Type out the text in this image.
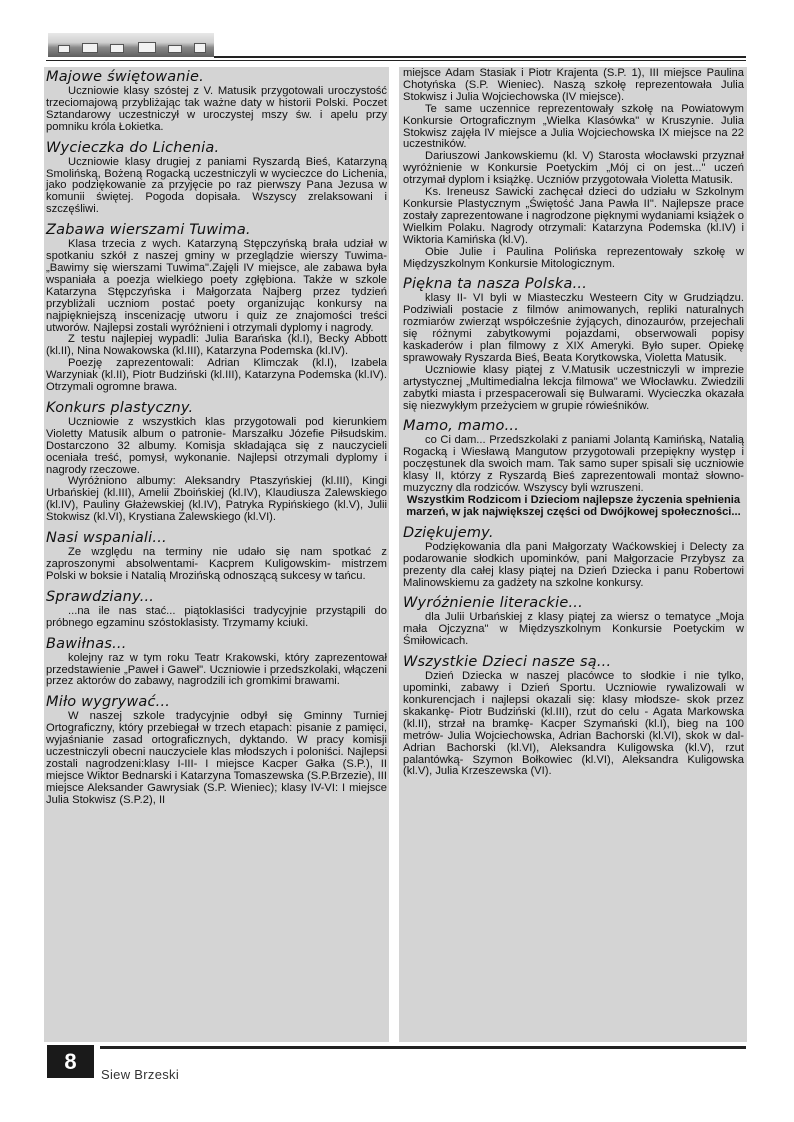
Majowe świętowanie.

Uczniowie klasy szóstej z V. Matusik przygotowali uroczystość trzeciomajową przybliżając tak ważne daty w historii Polski. Poczet Sztandarowy uczestniczył w uroczystej mszy św. i apelu przy pomniku króla Łokietka.

Wycieczka do Lichenia.

Uczniowie klasy drugiej z paniami Ryszardą Bieś, Katarzyną Smolińską, Bożeną Rogacką uczestniczyli w wycieczce do Lichenia, jako podziękowanie za przyjęcie po raz pierwszy Pana Jezusa w komunii świętej. Pogoda dopisała. Wszyscy zrelaksowani i szczęśliwi.

Zabawa wierszami Tuwima.

Klasa trzecia z wych. Katarzyną Stępczyńską brała udział w spotkaniu szkół z naszej gminy w przeglądzie wierszy Tuwima- „Bawimy się wierszami Tuwima".Zajęli IV miejsce, ale zabawa była wspaniała a poezja wielkiego poety zgłębiona. Także w szkole Katarzyna Stępczyńska i Małgorzata Najberg przez tydzień przybliżali uczniom postać poety organizując konkursy na najpiękniejszą inscenizację utworu i quiz ze znajomości treści utworów. Najlepsi zostali wyróżnieni i otrzymali dyplomy i nagrody.

Z testu najlepiej wypadli: Julia Barańska (kl.I), Becky Abbott (kl.II), Nina Nowakowska (kl.III), Katarzyna Podemska (kl.IV).

Poezję zaprezentowali: Adrian Klimczak (kl.I), Izabela Warzyniak (kl.II), Piotr Budziński (kl.III), Katarzyna Podemska (kl.IV). Otrzymali ogromne brawa.

Konkurs plastyczny.

Uczniowie z wszystkich klas przygotowali pod kierunkiem Violetty Matusik album o patronie- Marszałku Józefie Piłsudskim. Dostarczono 32 albumy. Komisja składająca się z nauczycieli oceniała treść, pomysł, wykonanie. Najlepsi otrzymali dyplomy i nagrody rzeczowe.

Wyróżniono albumy: Aleksandry Ptaszyńskiej (kl.III), Kingi Urbańskiej (kl.III), Amelii Zboińskiej (kl.IV), Klaudiusza Zalewskiego (kl.IV), Pauliny Głażewskiej (kl.IV), Patryka Rypińskiego (kl.V), Julii Stokwisz (kl.VI), Krystiana Zalewskiego (kl.VI).

Nasi wspaniali...

Ze względu na terminy nie udało się nam spotkać z zaproszonymi absolwentami- Kacprem Kuligowskim- mistrzem Polski w boksie i Natalią Mrozińską odnoszącą sukcesy w tańcu.

Sprawdziany...

...na ile nas stać... piątoklasiści tradycyjnie przystąpili do próbnego egzaminu szóstoklasisty. Trzymamy kciuki.

Bawiłnas...

kolejny raz w tym roku Teatr Krakowski, który zaprezentował przedstawienie „Paweł i Gaweł". Uczniowie i przedszkolaki, włączeni przez aktorów do zabawy, nagrodzili ich gromkimi brawami.

Miło wygrywać...

W naszej szkole tradycyjnie odbył się Gminny Turniej Ortograficzny, który przebiegał w trzech etapach: pisanie z pamięci, wyjaśnianie zasad ortograficznych, dyktando. W pracy komisji uczestniczyli obecni nauczyciele klas młodszych i poloniści. Najlepsi zostali nagrodzeni:klasy I-III- I miejsce Kacper Gałka (S.P.), II miejsce Wiktor Bednarski i Katarzyna Tomaszewska (S.P.Brzezie), III miejsce Aleksander Gawrysiak (S.P. Wieniec); klasy IV-VI: I miejsce Julia Stokwisz (S.P.2), II

miejsce Adam Stasiak i Piotr Krajenta (S.P. 1), III miejsce Paulina Chotyńska (S.P. Wieniec). Naszą szkołę reprezentowała Julia Stokwisz i Julia Wojciechowska (IV miejsce).

Te same uczennice reprezentowały szkołę na Powiatowym Konkursie Ortograficznym „Wielka Klasówka" w Kruszynie. Julia Stokwisz zajęła IV miejsce a Julia Wojciechowska IX miejsce na 22 uczestników.

Dariuszowi Jankowskiemu (kl. V) Starosta włocławski przyznał wyróżnienie w Konkursie Poetyckim „Mój ci on jest..." uczeń otrzymał dyplom i książkę. Uczniów przygotowała Violetta Matusik.

Ks. Ireneusz Sawicki zachęcał dzieci do udziału w Szkolnym Konkursie Plastycznym „Świętość Jana Pawła II". Najlepsze prace zostały zaprezentowane i nagrodzone pięknymi wydaniami książek o Wielkim Polaku. Nagrody otrzymali: Katarzyna Podemska (kl.IV) i Wiktoria Kamińska (kl.V).

Obie Julie i Paulina Polińska reprezentowały szkołę w Międzyszkolnym Konkursie Mitologicznym.

Piękna ta nasza Polska...

klasy II- VI byli w Miasteczku Westeern City w Grudziądzu. Podziwiali postacie z filmów animowanych, repliki naturalnych rozmiarów zwierząt współcześnie żyjących, dinozaurów, przejechali się różnymi zabytkowymi pojazdami, obserwowali popisy kaskaderów i plan filmowy z XIX Ameryki. Było super. Opiekę sprawowały Ryszarda Bieś, Beata Korytkowska, Violetta Matusik.

Uczniowie klasy piątej z V.Matusik uczestniczyli w imprezie artystycznej „Multimedialna lekcja filmowa" we Włocławku. Zwiedzili zabytki miasta i przespacerowali się Bulwarami. Wycieczka okazała się niezwykłym przeżyciem w grupie rówieśników.

Mamo, mamo...

co Ci dam... Przedszkolaki z paniami Jolantą Kamińską, Natalią Rogacką i Wiesławą Mangutow przygotowali przepiękny występ i poczęstunek dla swoich mam. Tak samo super spisali się uczniowie klasy II, którzy z Ryszardą Bieś zaprezentowali montaż słowno- muzyczny dla rodziców. Wszyscy byli wzruszeni.

Wszystkim Rodzicom i Dzieciom najlepsze życzenia spełnienia marzeń, w jak największej części od Dwójkowej społeczności...

Dziękujemy.

Podziękowania dla pani Małgorzaty Waćkowskiej i Delecty za podarowanie słodkich upominków, pani Małgorzacie Przybysz za prezenty dla całej klasy piątej na Dzień Dziecka i panu Robertowi Malinowskiemu za gadżety na szkolne konkursy.

Wyróżnienie literackie...

dla Julii Urbańskiej z klasy piątej za wiersz o tematyce „Moja mała Ojczyzna" w Międzyszkolnym Konkursie Poetyckim w Śmiłowicach.

Wszystkie Dzieci nasze są...

Dzień Dziecka w naszej placówce to słodkie i nie tylko, upominki, zabawy i Dzień Sportu. Uczniowie rywalizowali w konkurencjach i najlepsi okazali się: klasy młodsze- skok przez skakankę- Piotr Budziński (kl.III), rzut do celu - Agata Markowska (kl.II), strzał na bramkę- Kacper Szymański (kl.I), bieg na 100 metrów- Julia Wojciechowska, Adrian Bachorski (kl.VI), skok w dal- Adrian Bachorski (kl.VI), Aleksandra Kuligowska (kl.V), rzut palantówką- Szymon Bołkowiec (kl.VI), Aleksandra Kuligowska (kl.V), Julia Krzeszewska (VI).

8
Siew Brzeski
